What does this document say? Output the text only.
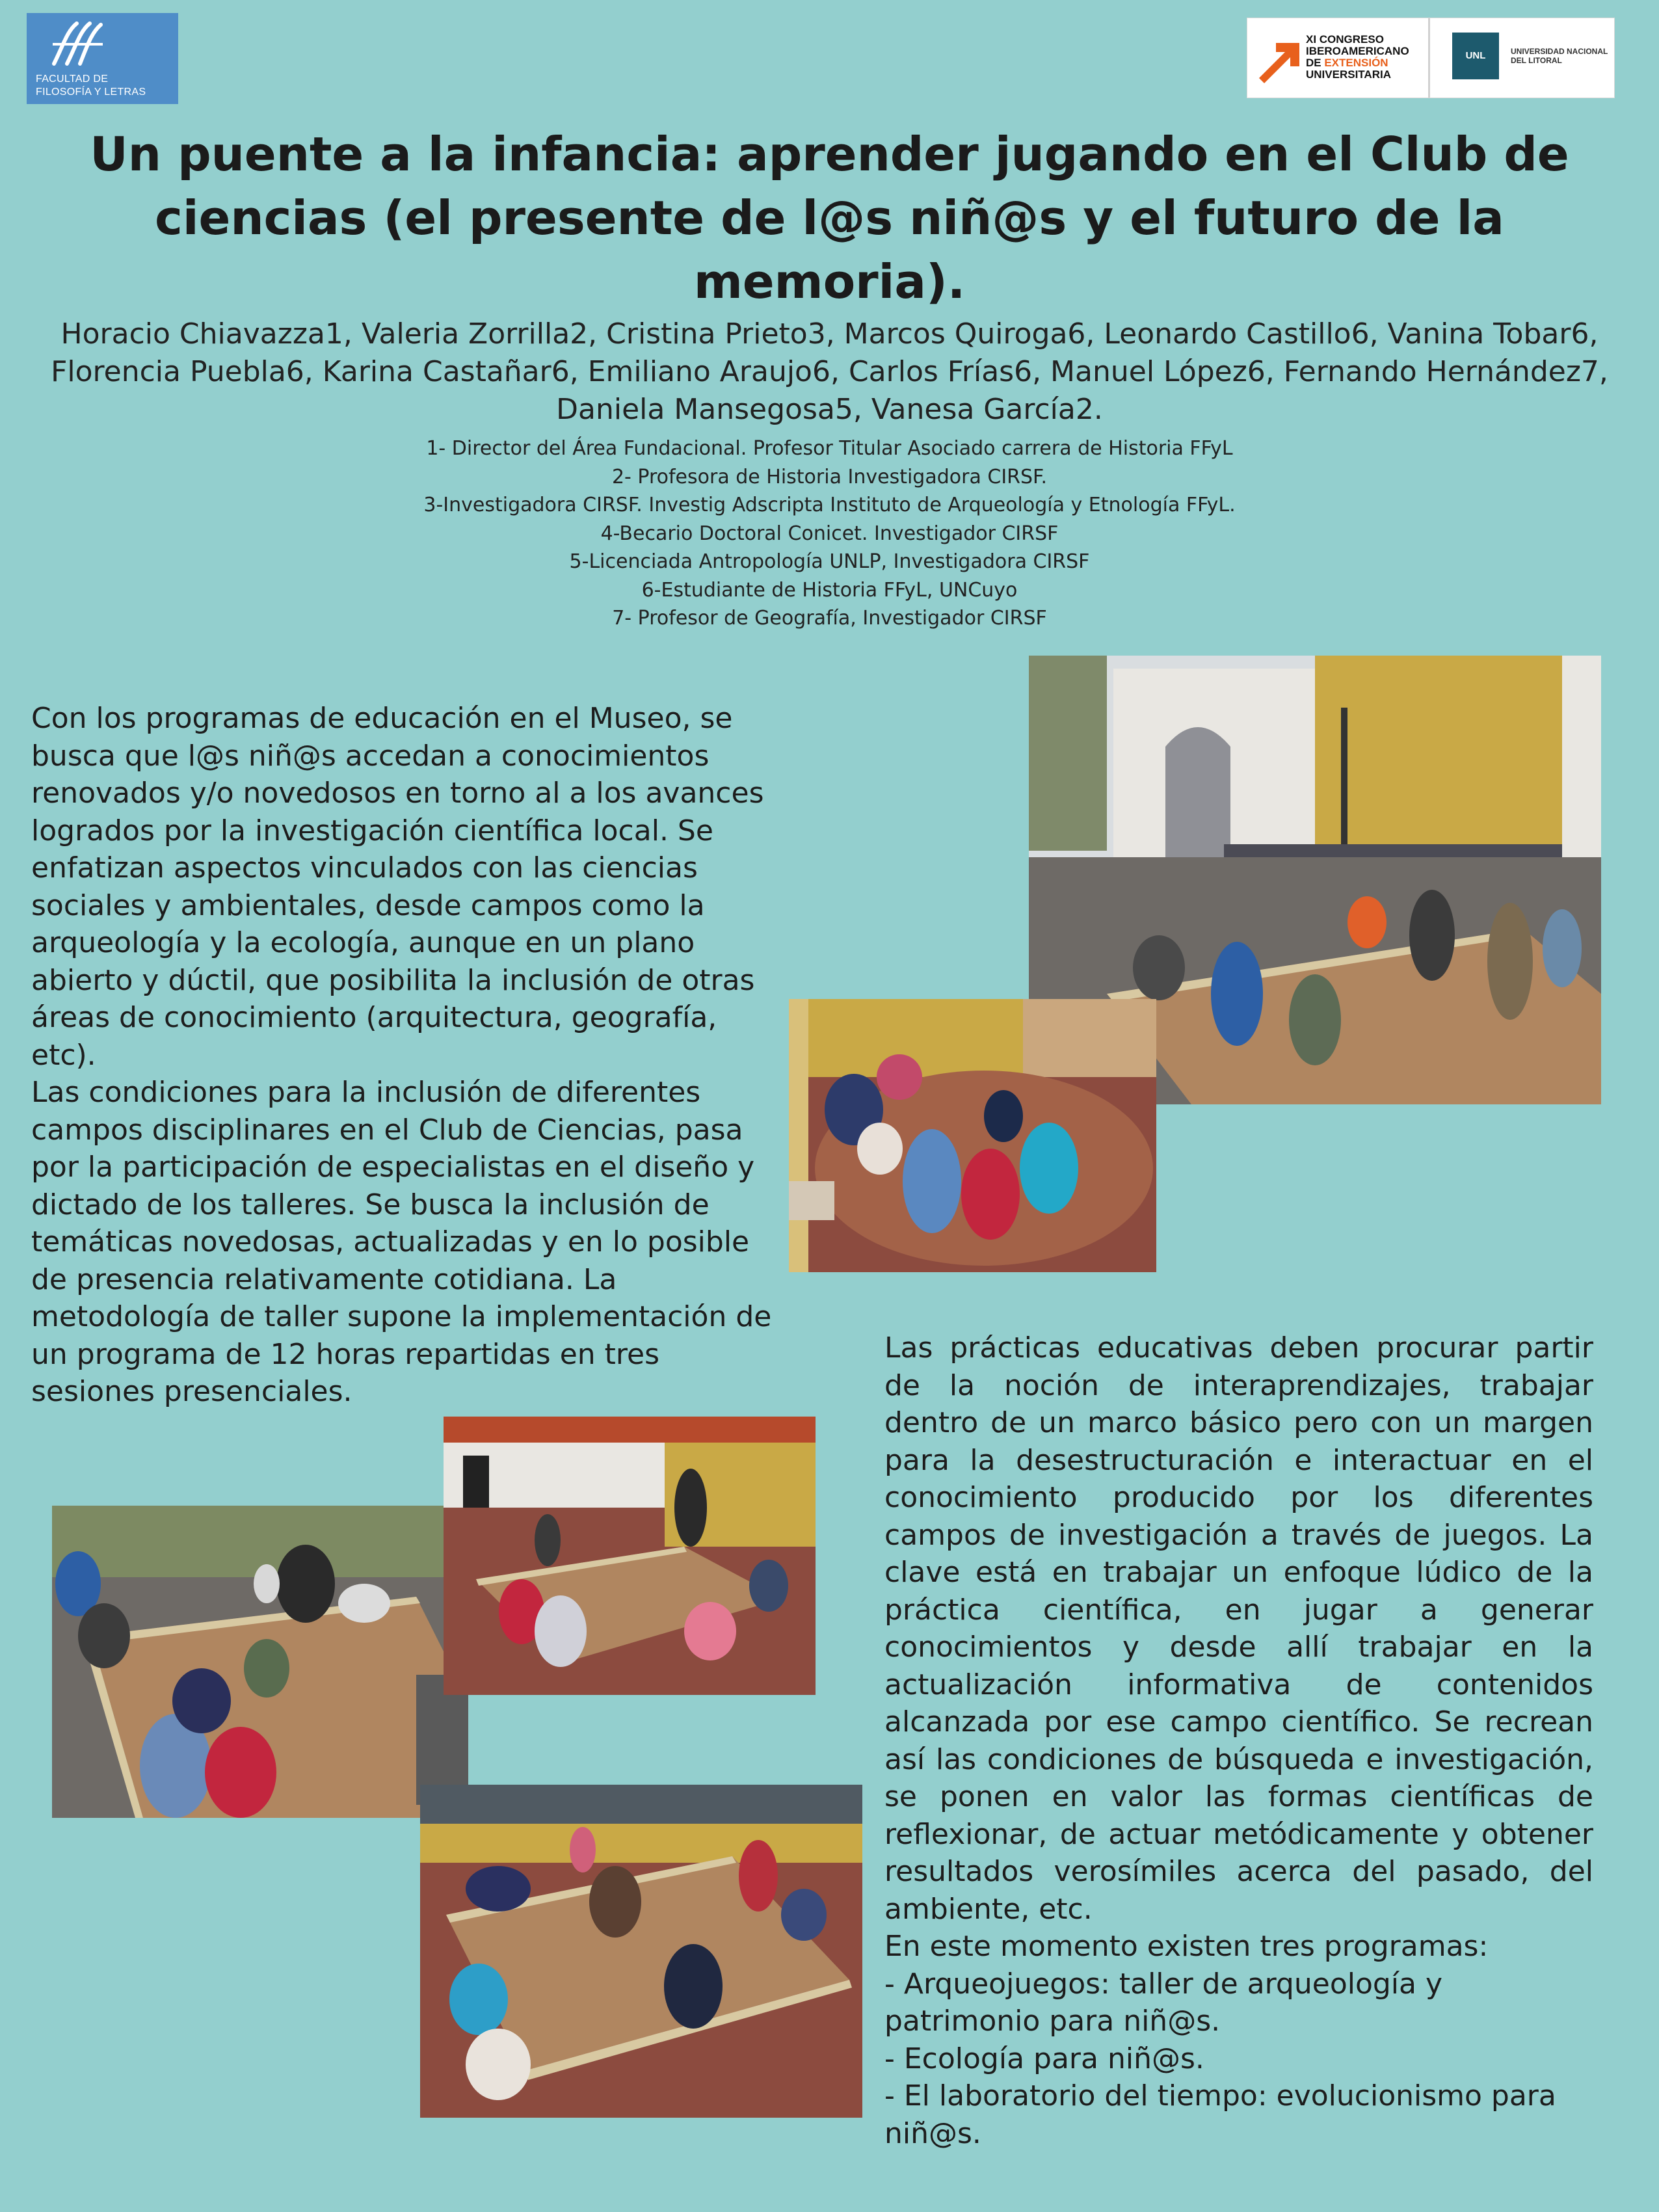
FACULTAD DE
FILOSOFÍA Y LETRAS
XI CONGRESO
IBEROAMERICANO
DE EXTENSIÓN
UNIVERSITARIA
UNL	UNIVERSIDAD NACIONAL
DEL LITORAL
Un puente a la infancia: aprender jugando en el Club de
ciencias (el presente de l@s niñ@s y el futuro de la memoria).
Horacio Chiavazza1, Valeria Zorrilla2, Cristina Prieto3, Marcos Quiroga6, Leonardo Castillo6, Vanina Tobar6,
Florencia Puebla6, Karina Castañar6, Emiliano Araujo6, Carlos Frías6, Manuel López6, Fernando Hernández7,
Daniela Mansegosa5, Vanesa García2.
1- Director del Área Fundacional. Profesor Titular Asociado carrera de Historia FFyL
2- Profesora de Historia Investigadora CIRSF.
3-Investigadora CIRSF. Investig Adscripta Instituto de Arqueología y Etnología FFyL.
4-Becario Doctoral Conicet. Investigador CIRSF
5-Licenciada Antropología UNLP, Investigadora CIRSF
6-Estudiante de Historia FFyL, UNCuyo
7- Profesor de Geografía, Investigador CIRSF

Con los programas de educación en el Museo, se busca que l@s niñ@s accedan a conocimientos renovados y/o novedosos en torno al a los avances logrados por la investigación científica local. Se enfatizan aspectos vinculados con las ciencias sociales y ambientales, desde campos como la arqueología y la ecología, aunque en un plano abierto y dúctil, que posibilita la inclusión de otras áreas de conocimiento (arquitectura, geografía, etc).

Las condiciones para la inclusión de diferentes campos disciplinares en el Club de Ciencias, pasa por la participación de especialistas en el diseño y dictado de los talleres. Se busca la inclusión de temáticas novedosas, actualizadas y en lo posible de presencia relativamente cotidiana. La metodología de taller supone la implementación de un programa de 12 horas repartidas en tres sesiones presenciales.

Las prácticas educativas deben procurar partir de la noción de interaprendizajes, trabajar dentro de un marco básico pero con un margen para la desestructuración e interactuar en el conocimiento producido por los diferentes campos de investigación a través de juegos. La clave está en trabajar un enfoque lúdico de la práctica científica, en jugar a generar conocimientos y desde allí trabajar en la actualización informativa de contenidos alcanzada por ese campo científico. Se recrean así las condiciones de búsqueda e investigación, se ponen en valor las formas científicas de reflexionar, de actuar metódicamente y obtener resultados verosímiles acerca del pasado, del ambiente, etc.

En este momento existen tres programas:

- Arqueojuegos: taller de arqueología y patrimonio para niñ@s.

- Ecología para niñ@s.

- El laboratorio del tiempo: evolucionismo para niñ@s.
